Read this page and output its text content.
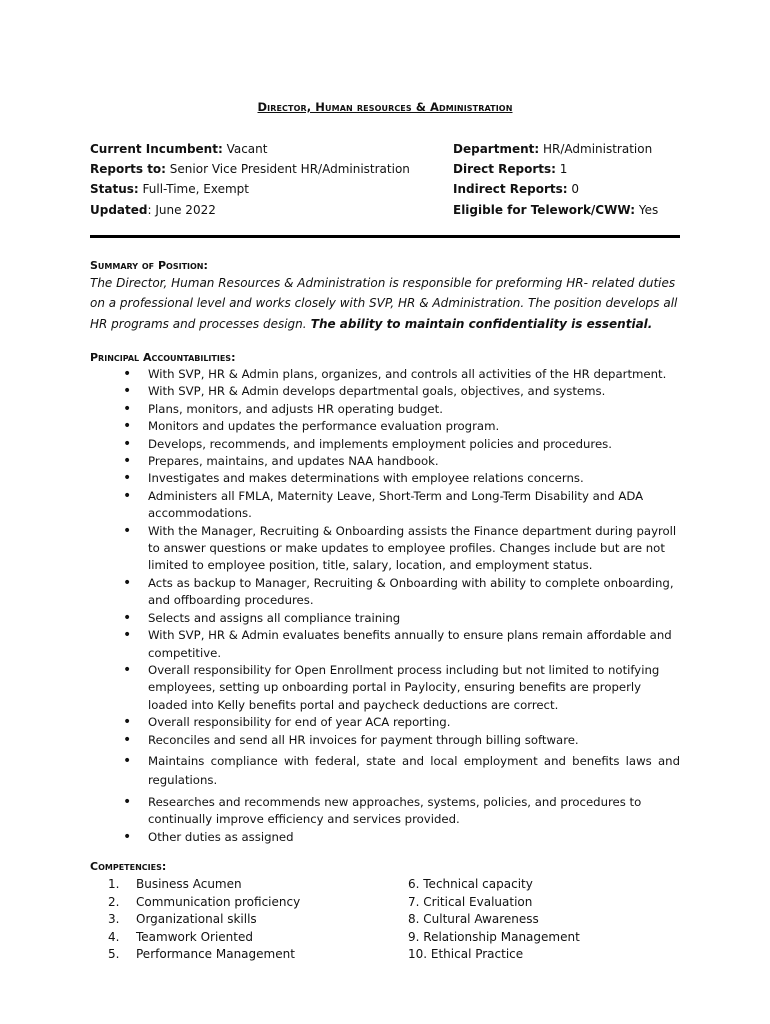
Director, Human resources & Administration
Current Incumbent: Vacant
Reports to: Senior Vice President HR/Administration
Status: Full-Time, Exempt
Updated: June 2022
Department: HR/Administration
Direct Reports: 1
Indirect Reports: 0
Eligible for Telework/CWW: Yes
Summary of Position:
The Director, Human Resources & Administration is responsible for preforming HR- related duties on a professional level and works closely with SVP, HR & Administration. The position develops all HR programs and processes design. The ability to maintain confidentiality is essential.
Principal Accountabilities:
• With SVP, HR & Admin plans, organizes, and controls all activities of the HR department.
• With SVP, HR & Admin develops departmental goals, objectives, and systems.
• Plans, monitors, and adjusts HR operating budget.
• Monitors and updates the performance evaluation program.
• Develops, recommends, and implements employment policies and procedures.
• Prepares, maintains, and updates NAA handbook.
• Investigates and makes determinations with employee relations concerns.
• Administers all FMLA, Maternity Leave, Short-Term and Long-Term Disability and ADA accommodations.
• With the Manager, Recruiting & Onboarding assists the Finance department during payroll to answer questions or make updates to employee profiles. Changes include but are not limited to employee position, title, salary, location, and employment status.
• Acts as backup to Manager, Recruiting & Onboarding with ability to complete onboarding, and offboarding procedures.
• Selects and assigns all compliance training
• With SVP, HR & Admin evaluates benefits annually to ensure plans remain affordable and competitive.
• Overall responsibility for Open Enrollment process including but not limited to notifying employees, setting up onboarding portal in Paylocity, ensuring benefits are properly loaded into Kelly benefits portal and paycheck deductions are correct.
• Overall responsibility for end of year ACA reporting.
• Reconciles and send all HR invoices for payment through billing software.
• Maintains compliance with federal, state and local employment and benefits laws and regulations.
• Researches and recommends new approaches, systems, policies, and procedures to continually improve efficiency and services provided.
• Other duties as assigned
Competencies:
1. Business Acumen
2. Communication proficiency
3. Organizational skills
4. Teamwork Oriented
5. Performance Management
6. Technical capacity
7. Critical Evaluation
8. Cultural Awareness
9. Relationship Management
10. Ethical Practice
